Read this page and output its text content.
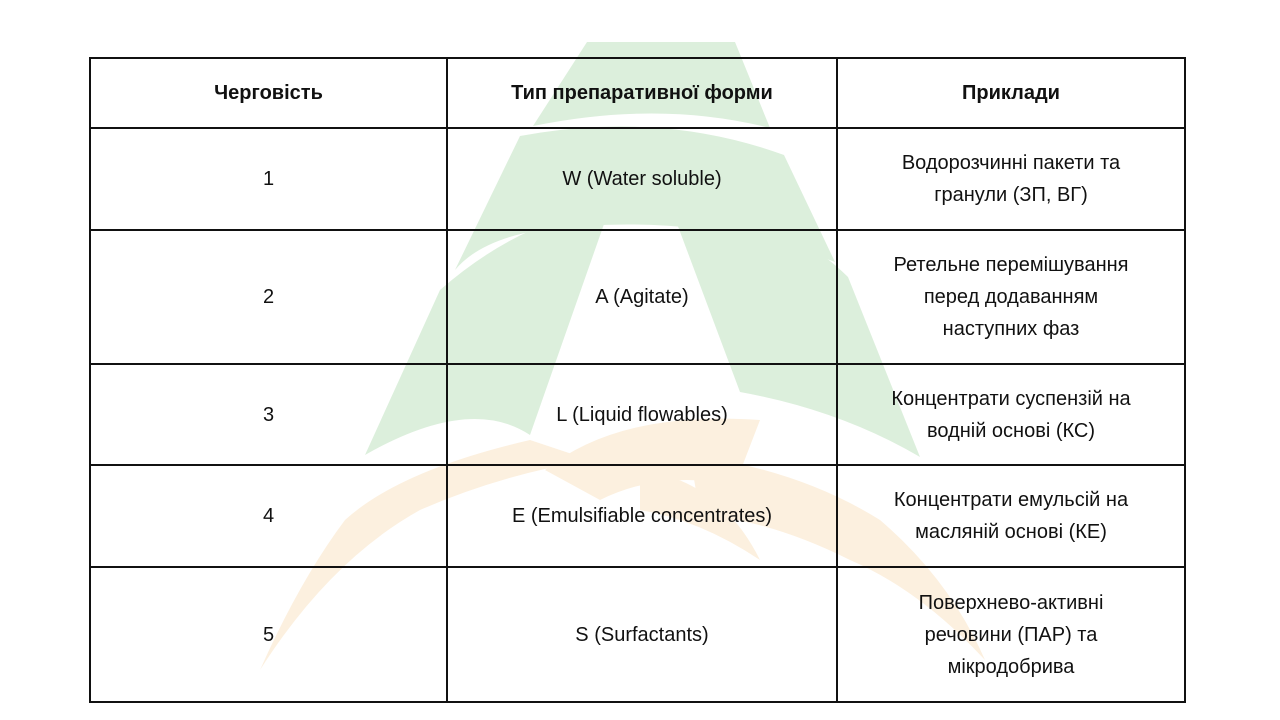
Черговість	Тип препаративної форми	Приклади
1	W (Water soluble)	Водорозчинні пакети та
гранули (ЗП, ВГ)

2	A (Agitate)	Ретельне перемішування
перед додаванням
наступних фаз

3	L (Liquid flowables)	Концентрати суспензій на
водній основі (КС)

4	E (Emulsifiable concentrates)	Концентрати емульсій на
масляній основі (КЕ)

5	S (Surfactants)	Поверхнево-активні
речовини (ПАР) та
мікродобрива
